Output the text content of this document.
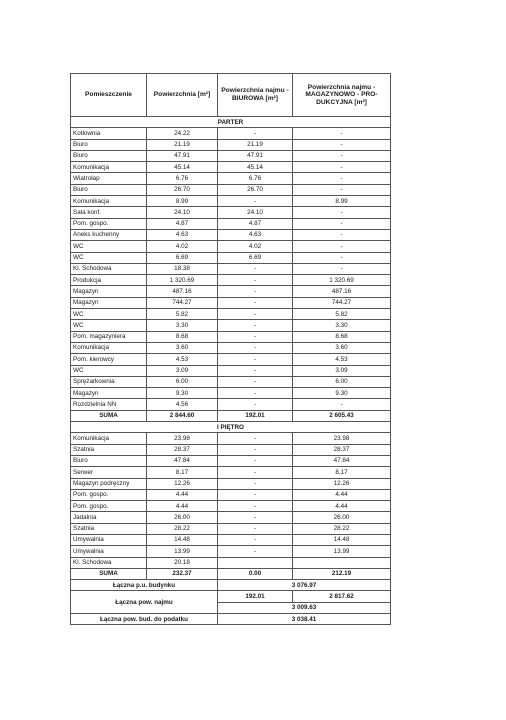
Pomieszczenie	Powierzchnia [m²]	Powierzchnia najmu - BIUROWA [m²]	Powierzchnia najmu - MAGAZYNOWO - PRO-DUKCYJNA [m²]
PARTER			
Kotłownia	24.22	-	-
Biuro	21.19	21.19	-
Biuro	47.91	47.91	-
Komunikacja	45.14	45.14	-
Wiatrołap	6.76	6.76	-
Biuro	26.70	26.70	-
Komunikacja	8.99	-	8.99
Sala konf.	24.10	24.10	-
Pom. gospo.	4.87	4.87	-
Aneks kuchenny	4.63	4.63	-
WC	4.02	4.02	-
WC	6.69	6.69	-
Kl. Schodowa	18.38	-	-
Produkcja	1 320.69	-	1 320.69
Magazyn	487.16	-	487.16
Magazyn	744.27	-	744.27
WC	5.82	-	5.82
WC	3.30	-	3.30
Pom. magazyniera	8.68	-	8.68
Komunikacja	3.60	-	3.60
Pom. kierowcy	4.53	-	4.53
WC	3.09	-	3.09
Sprężarkownia	6.00	-	6.00
Magazyn	9.30	-	9.30
Rozdzielnia NN	4.56	-	-
SUMA	2 844.60	192.01	2 605.43
I PIĘTRO			
Komunikacja	23.98	-	23.98
Szatnia	28.37	-	28.37
Biuro	47.84	-	47.84
Serwer	8.17	-	8.17
Magazyn podręczny	12.26	-	12.26
Pom. gospo.	4.44	-	4.44
Pom. gospo.	4.44	-	4.44
Jadalnia	26.00	-	26.00
Szatnia	28.22	-	28.22
Umywalnia	14.48	-	14.48
Umywalnia	13.99	-	13.99
Kl. Schodowa	20.18		
SUMA	232.37	0.00	212.19
Łączna p.u. budynku		3 076.97	
Łączna pow. najmu		192.01	2 817.62
		3 009.63	
Łączna pow. bud. do podatku		3 038.41	
